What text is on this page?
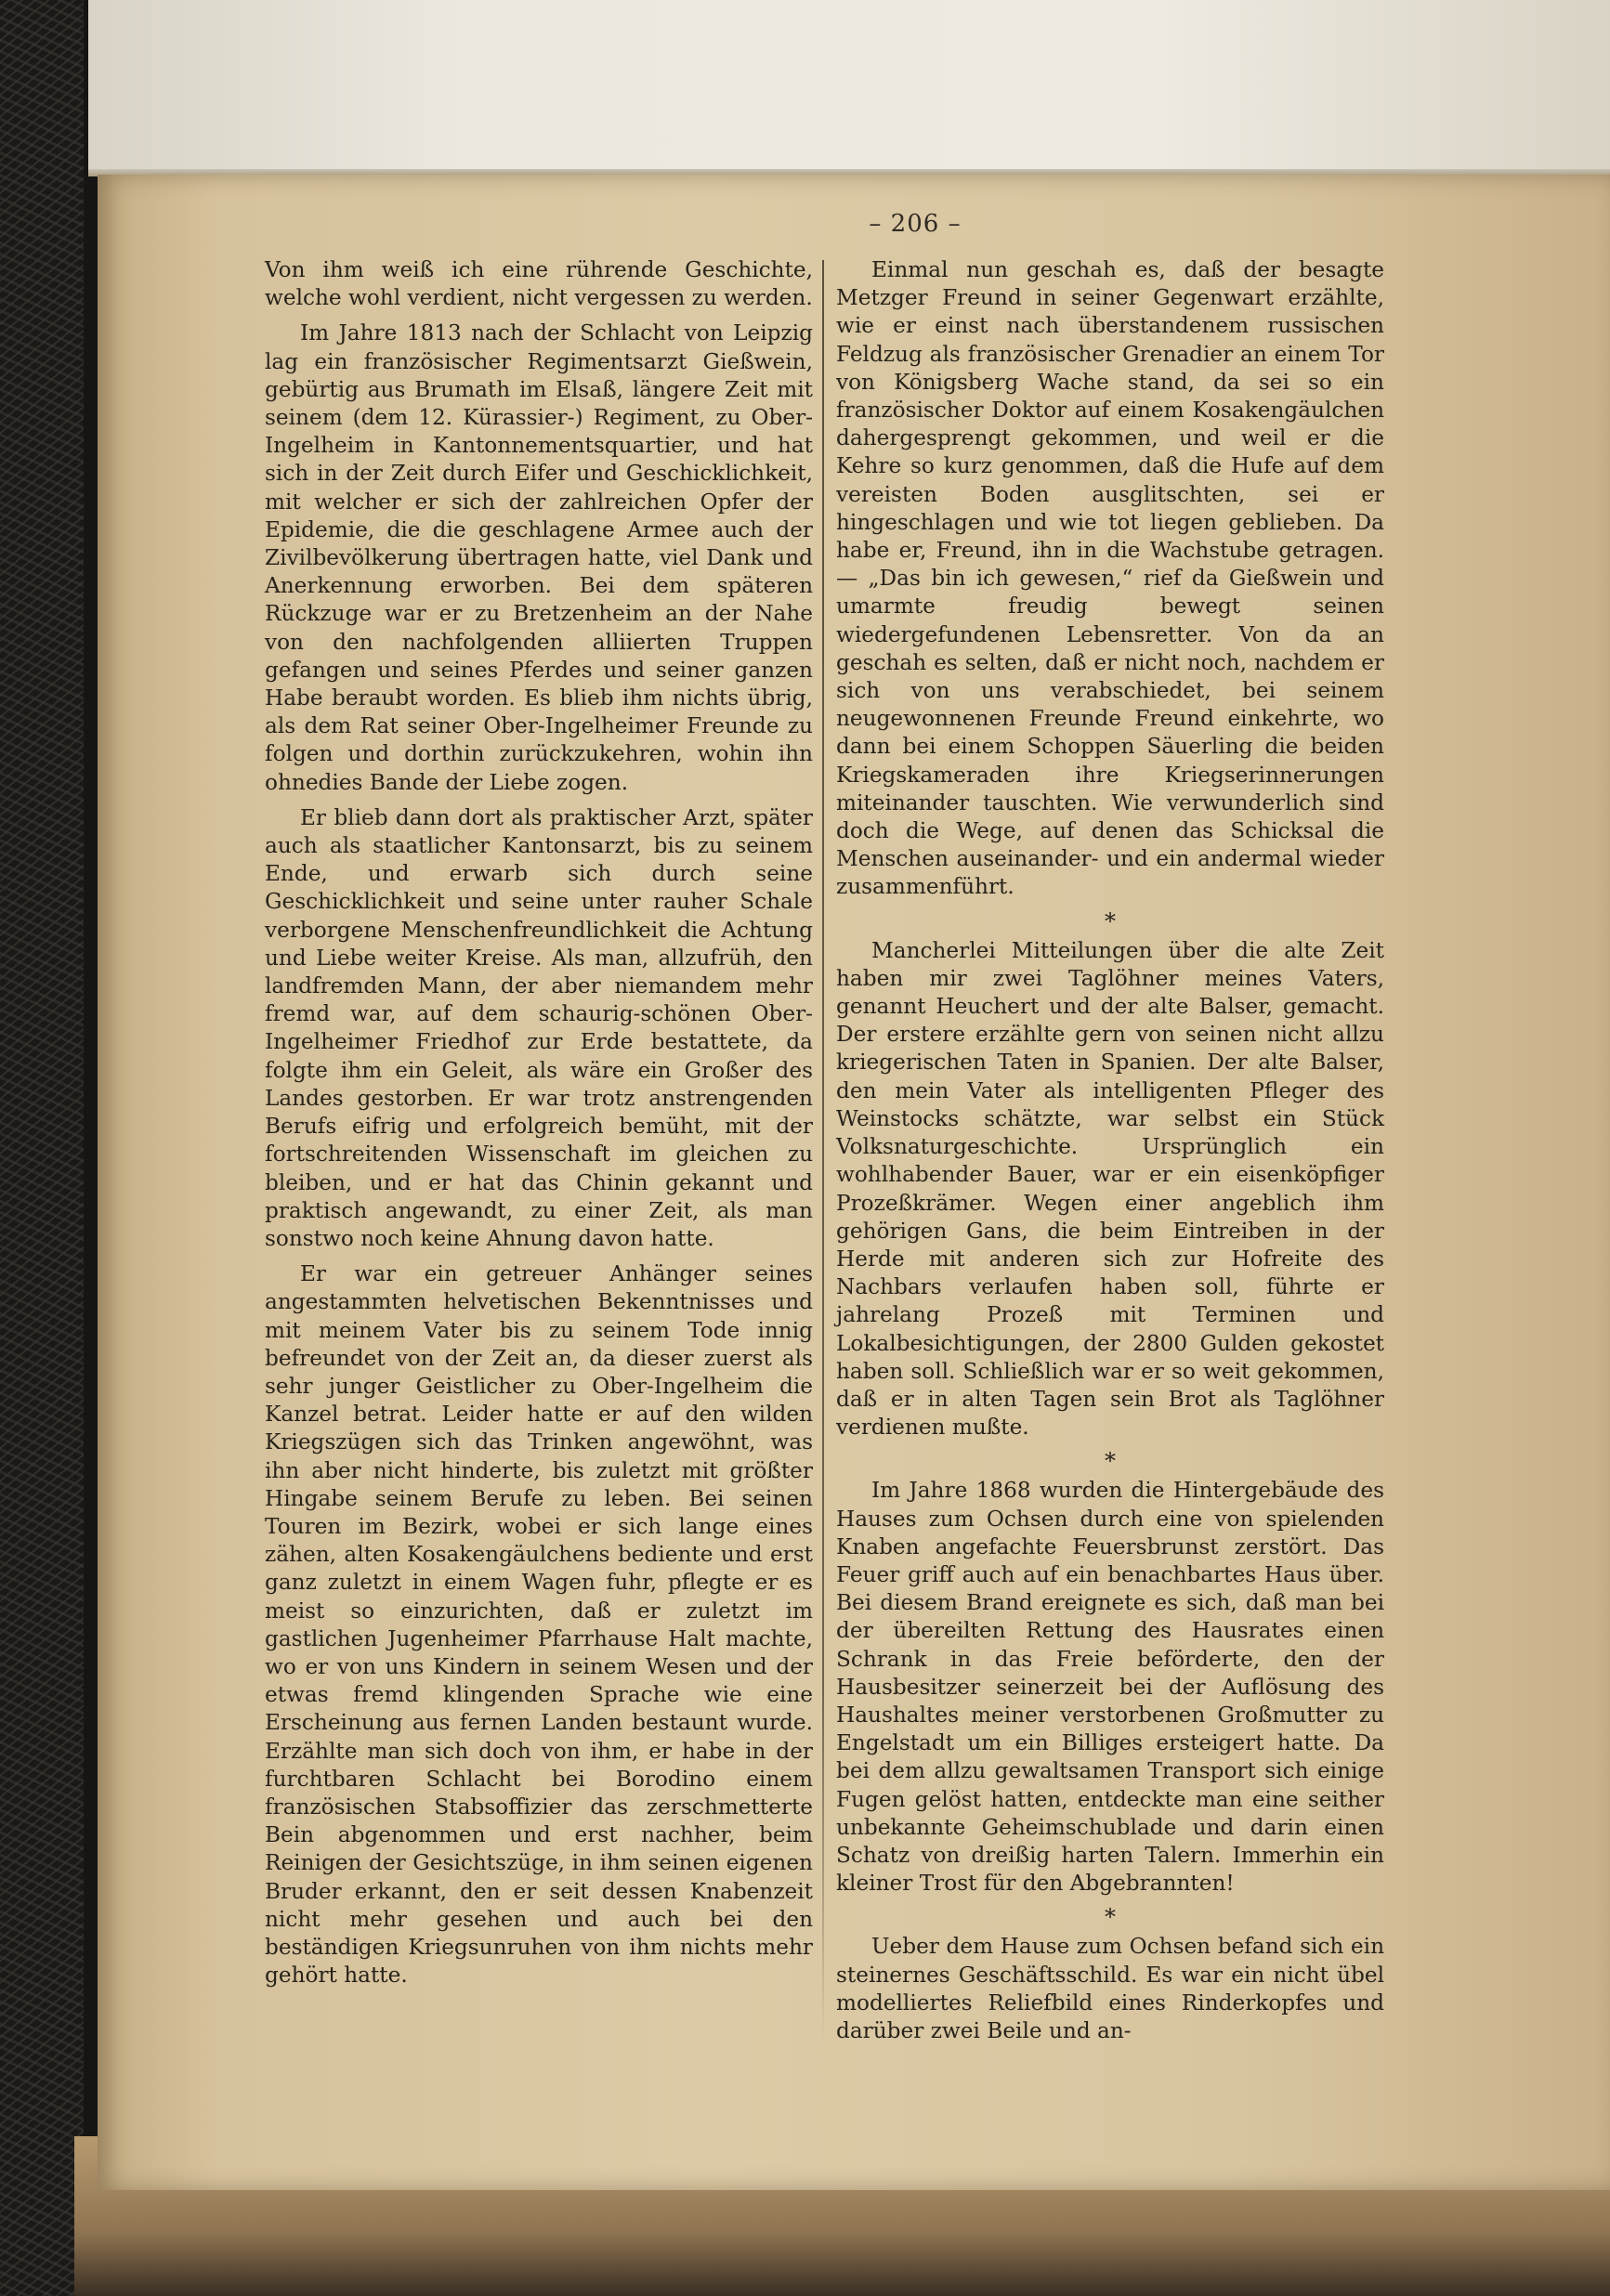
– 206 –

Von ihm weiß ich eine rührende Geschichte, welche wohl verdient, nicht vergessen zu werden.

Im Jahre 1813 nach der Schlacht von Leipzig lag ein französischer Regimentsarzt Gießwein, gebürtig aus Brumath im Elsaß, längere Zeit mit seinem (dem 12. Kürassier-) Regiment, zu Ober-Ingelheim in Kantonnementsquartier, und hat sich in der Zeit durch Eifer und Geschicklichkeit, mit welcher er sich der zahlreichen Opfer der Epidemie, die die geschlagene Armee auch der Zivilbevölkerung übertragen hatte, viel Dank und Anerkennung erworben. Bei dem späteren Rückzuge war er zu Bretzenheim an der Nahe von den nachfolgenden alliierten Truppen gefangen und seines Pferdes und seiner ganzen Habe beraubt worden. Es blieb ihm nichts übrig, als dem Rat seiner Ober-Ingelheimer Freunde zu folgen und dorthin zurückzukehren, wohin ihn ohnedies Bande der Liebe zogen.

Er blieb dann dort als praktischer Arzt, später auch als staatlicher Kantonsarzt, bis zu seinem Ende, und erwarb sich durch seine Geschicklichkeit und seine unter rauher Schale verborgene Menschenfreundlichkeit die Achtung und Liebe weiter Kreise. Als man, allzufrüh, den landfremden Mann, der aber niemandem mehr fremd war, auf dem schaurig-schönen Ober-Ingelheimer Friedhof zur Erde bestattete, da folgte ihm ein Geleit, als wäre ein Großer des Landes gestorben. Er war trotz anstrengenden Berufs eifrig und erfolgreich bemüht, mit der fortschreitenden Wissenschaft im gleichen zu bleiben, und er hat das Chinin gekannt und praktisch angewandt, zu einer Zeit, als man sonstwo noch keine Ahnung davon hatte.

Er war ein getreuer Anhänger seines angestammten helvetischen Bekenntnisses und mit meinem Vater bis zu seinem Tode innig befreundet von der Zeit an, da dieser zuerst als sehr junger Geistlicher zu Ober-Ingelheim die Kanzel betrat. Leider hatte er auf den wilden Kriegszügen sich das Trinken angewöhnt, was ihn aber nicht hinderte, bis zuletzt mit größter Hingabe seinem Berufe zu leben. Bei seinen Touren im Bezirk, wobei er sich lange eines zähen, alten Kosakengäulchens bediente und erst ganz zuletzt in einem Wagen fuhr, pflegte er es meist so einzurichten, daß er zuletzt im gastlichen Jugenheimer Pfarrhause Halt machte, wo er von uns Kindern in seinem Wesen und der etwas fremd klingenden Sprache wie eine Erscheinung aus fernen Landen bestaunt wurde. Erzählte man sich doch von ihm, er habe in der furchtbaren Schlacht bei Borodino einem französischen Stabsoffizier das zerschmetterte Bein abgenommen und erst nachher, beim Reinigen der Gesichtszüge, in ihm seinen eigenen Bruder erkannt, den er seit dessen Knabenzeit nicht mehr gesehen und auch bei den beständigen Kriegsunruhen von ihm nichts mehr gehört hatte.

Einmal nun geschah es, daß der besagte Metzger Freund in seiner Gegenwart erzählte, wie er einst nach überstandenem russischen Feldzug als französischer Grenadier an einem Tor von Königsberg Wache stand, da sei so ein französischer Doktor auf einem Kosakengäulchen dahergesprengt gekommen, und weil er die Kehre so kurz genommen, daß die Hufe auf dem vereisten Boden ausglitschten, sei er hingeschlagen und wie tot liegen geblieben. Da habe er, Freund, ihn in die Wachstube getragen. — „Das bin ich gewesen,“ rief da Gießwein und umarmte freudig bewegt seinen wiedergefundenen Lebensretter. Von da an geschah es selten, daß er nicht noch, nachdem er sich von uns verabschiedet, bei seinem neugewonnenen Freunde Freund einkehrte, wo dann bei einem Schoppen Säuerling die beiden Kriegskameraden ihre Kriegserinnerungen miteinander tauschten. Wie verwunderlich sind doch die Wege, auf denen das Schicksal die Menschen auseinander- und ein andermal wieder zusammenführt.

*

Mancherlei Mitteilungen über die alte Zeit haben mir zwei Taglöhner meines Vaters, genannt Heuchert und der alte Balser, gemacht. Der erstere erzählte gern von seinen nicht allzu kriegerischen Taten in Spanien. Der alte Balser, den mein Vater als intelligenten Pfleger des Weinstocks schätzte, war selbst ein Stück Volksnaturgeschichte. Ursprünglich ein wohlhabender Bauer, war er ein eisenköpfiger Prozeßkrämer. Wegen einer angeblich ihm gehörigen Gans, die beim Eintreiben in der Herde mit anderen sich zur Hofreite des Nachbars verlaufen haben soll, führte er jahrelang Prozeß mit Terminen und Lokalbesichtigungen, der 2800 Gulden gekostet haben soll. Schließlich war er so weit gekommen, daß er in alten Tagen sein Brot als Taglöhner verdienen mußte.

*

Im Jahre 1868 wurden die Hintergebäude des Hauses zum Ochsen durch eine von spielenden Knaben angefachte Feuersbrunst zerstört. Das Feuer griff auch auf ein benachbartes Haus über. Bei diesem Brand ereignete es sich, daß man bei der übereilten Rettung des Hausrates einen Schrank in das Freie beförderte, den der Hausbesitzer seinerzeit bei der Auflösung des Haushaltes meiner verstorbenen Großmutter zu Engelstadt um ein Billiges ersteigert hatte. Da bei dem allzu gewaltsamen Transport sich einige Fugen gelöst hatten, entdeckte man eine seither unbekannte Geheimschublade und darin einen Schatz von dreißig harten Talern. Immerhin ein kleiner Trost für den Abgebrannten!

*

Ueber dem Hause zum Ochsen befand sich ein steinernes Geschäftsschild. Es war ein nicht übel modelliertes Reliefbild eines Rinderkopfes und darüber zwei Beile und an-
